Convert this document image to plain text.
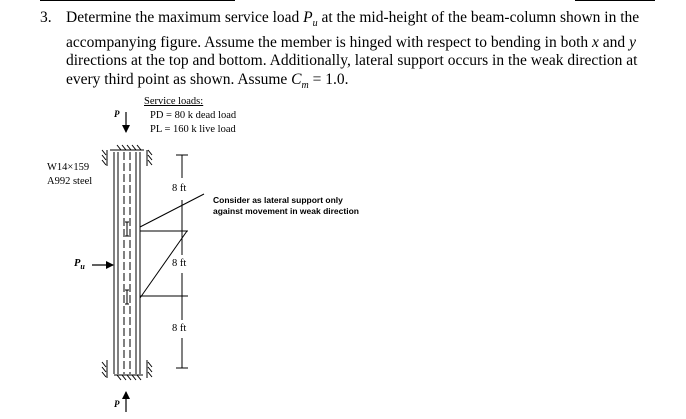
3. Determine the maximum service load $P_u$ at the mid-height of the beam-column shown in the
accompanying figure. Assume the member is hinged with respect to bending in both x and y
directions at the top and bottom. Additionally, lateral support occurs in the weak direction at
every third point as shown. Assume $C_m = 1.0$.
Service loads:
PD = 80 k dead load
PL = 160 k live load
P
P
W14×159
A992 steel
$P_u$
8 ft
8 ft
8 ft
Consider as lateral support only
against movement in weak direction
